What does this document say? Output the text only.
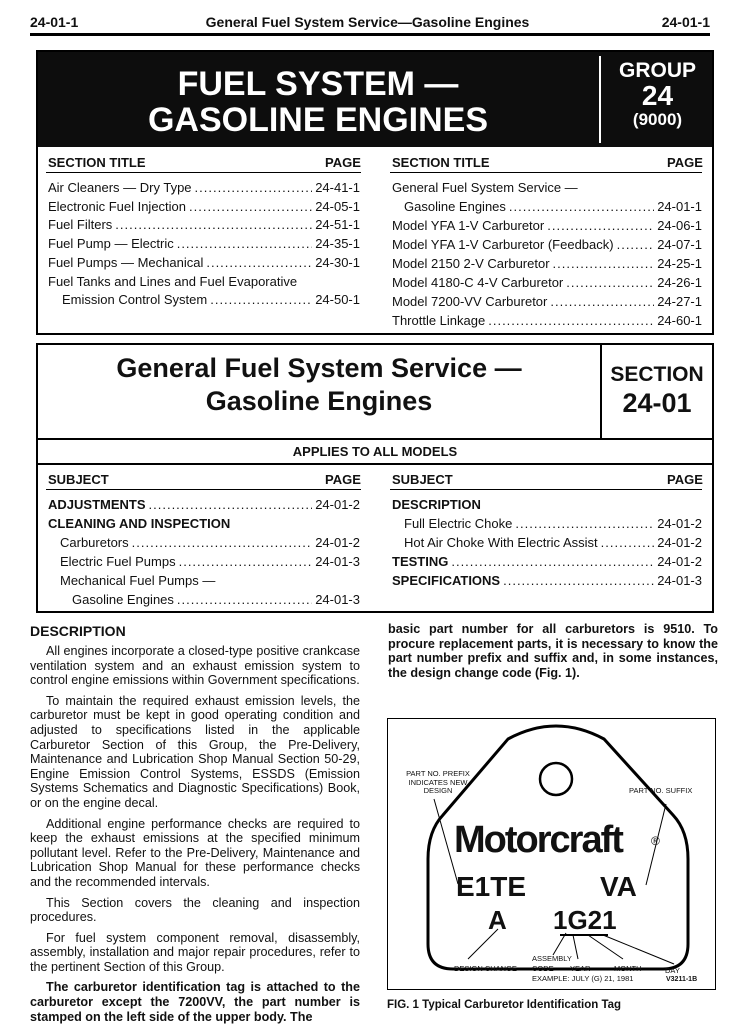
24-01-1	General Fuel System Service—Gasoline Engines	24-01-1
FUEL SYSTEM —
GASOLINE ENGINES
GROUP
24
(9000)
SECTION TITLE	PAGE SECTION TITLE	PAGE
General Fuel System Service —
Gasoline Engines
SECTION
24-01
APPLIES TO ALL MODELS
SUBJECT	PAGE SUBJECT	PAGE
DESCRIPTION

All engines incorporate a closed-type positive crankcase ventilation system and an exhaust emission system to control engine emissions within Government specifications.

To maintain the required exhaust emission levels, the carburetor must be kept in good operating condition and adjusted to specifications listed in the applicable Carburetor Section of this Group, the Pre-Delivery, Maintenance and Lubrication Shop Manual Section 50-29, Engine Emission Control Systems, ESSDS (Emission Systems Schematics and Diagnostic Specifications) Book, or on the engine decal.

Additional engine performance checks are required to keep the exhaust emissions at the specified minimum pollutant level. Refer to the Pre-Delivery, Maintenance and Lubrication Shop Manual for these performance checks and the recommended intervals.

This Section covers the cleaning and inspection procedures.

For fuel system component removal, disassembly, assembly, installation and major repair procedures, refer to the pertinent Section of this Group.

The carburetor identification tag is attached to the carburetor except the 7200VV, the part number is stamped on the left side of the upper body. The

basic part number for all carburetors is 9510. To procure replacement parts, it is necessary to know the part number prefix and suffix and, in some instances, the design change code (Fig. 1).

PART NO. PREFIX INDICATES NEW DESIGN	PART NO. SUFFIX
Motorcraft ®
E1TE	VA
A 1G21
ASSEMBLY
DESIGN CHANGE CODE YEAR	MONTH	DAY
EXAMPLE: JULY (G) 21, 1981	V3211-1B
FIG. 1 Typical Carburetor Identification Tag
Air Cleaners — Dry Type .....	24-41-1
Electronic Fuel Injection .....	24-05-1
Fuel Filters .....	24-51-1
Fuel Pump — Electric .....	24-35-1
Fuel Pumps — Mechanical .....	24-30-1
Fuel Tanks and Lines and Fuel Evaporative
Emission Control System .....	24-50-1
General Fuel System Service —
Gasoline Engines .....	24-01-1
Model YFA 1-V Carburetor .....	24-06-1
Model YFA 1-V Carburetor (Feedback) .....	24-07-1
Model 2150 2-V Carburetor .....	24-25-1
Model 4180-C 4-V Carburetor .....	24-26-1
Model 7200-VV Carburetor .....	24-27-1
Throttle Linkage .....	24-60-1
ADJUSTMENTS .....	24-01-2
CLEANING AND INSPECTION
Carburetors .....	24-01-2
Electric Fuel Pumps .....	24-01-3
Mechanical Fuel Pumps —
Gasoline Engines .....	24-01-3
DESCRIPTION
Full Electric Choke .....	24-01-2
Hot Air Choke With Electric Assist .....	24-01-2
TESTING .....	24-01-2
SPECIFICATIONS .....	24-01-3
